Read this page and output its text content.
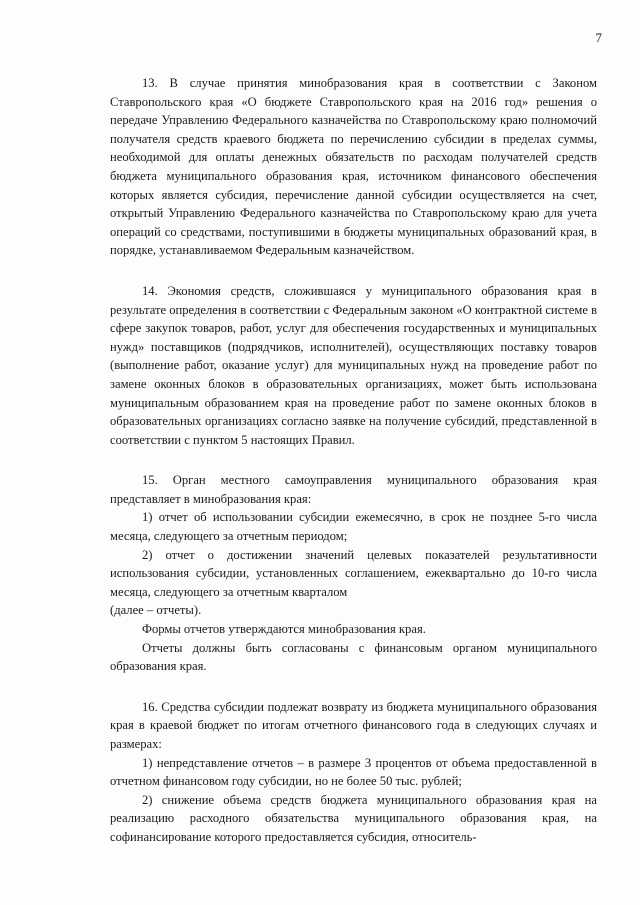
7

13. В случае принятия минобразования края в соответствии с Законом Ставропольского края «О бюджете Ставропольского края на 2016 год» решения о передаче Управлению Федерального казначейства по Ставропольскому краю полномочий получателя средств краевого бюджета по перечислению субсидии в пределах суммы, необходимой для оплаты денежных обязательств по расходам получателей средств бюджета муниципального образования края, источником финансового обеспечения которых является субсидия, перечисление данной субсидии осуществляется на счет, открытый Управлению Федерального казначейства по Ставропольскому краю для учета операций со средствами, поступившими в бюджеты муниципальных образований края, в порядке, устанавливаемом Федеральным казначейством.

14. Экономия средств, сложившаяся у муниципального образования края в результате определения в соответствии с Федеральным законом «О контрактной системе в сфере закупок товаров, работ, услуг для обеспечения государственных и муниципальных нужд» поставщиков (подрядчиков, исполнителей), осуществляющих поставку товаров (выполнение работ, оказание услуг) для муниципальных нужд на проведение работ по замене оконных блоков в образовательных организациях, может быть использована муниципальным образованием края на проведение работ по замене оконных блоков в образовательных организациях согласно заявке на получение субсидий, представленной в соответствии с пунктом 5 настоящих Правил.

15. Орган местного самоуправления муниципального образования края представляет в минобразования края:

1) отчет об использовании субсидии ежемесячно, в срок не позднее 5-го числа месяца, следующего за отчетным периодом;

2) отчет о достижении значений целевых показателей результативности использования субсидии, установленных соглашением, ежеквартально до 10-го числа месяца, следующего за отчетным кварталом

(далее – отчеты).

Формы отчетов утверждаются минобразования края.

Отчеты должны быть согласованы с финансовым органом муниципального образования края.

16. Средства субсидии подлежат возврату из бюджета муниципального образования края в краевой бюджет по итогам отчетного финансового года в следующих случаях и размерах:

1) непредставление отчетов – в размере 3 процентов от объема предоставленной в отчетном финансовом году субсидии, но не более 50 тыс. рублей;

2) снижение объема средств бюджета муниципального образования края на реализацию расходного обязательства муниципального образования края, на софинансирование которого предоставляется субсидия, относитель-
